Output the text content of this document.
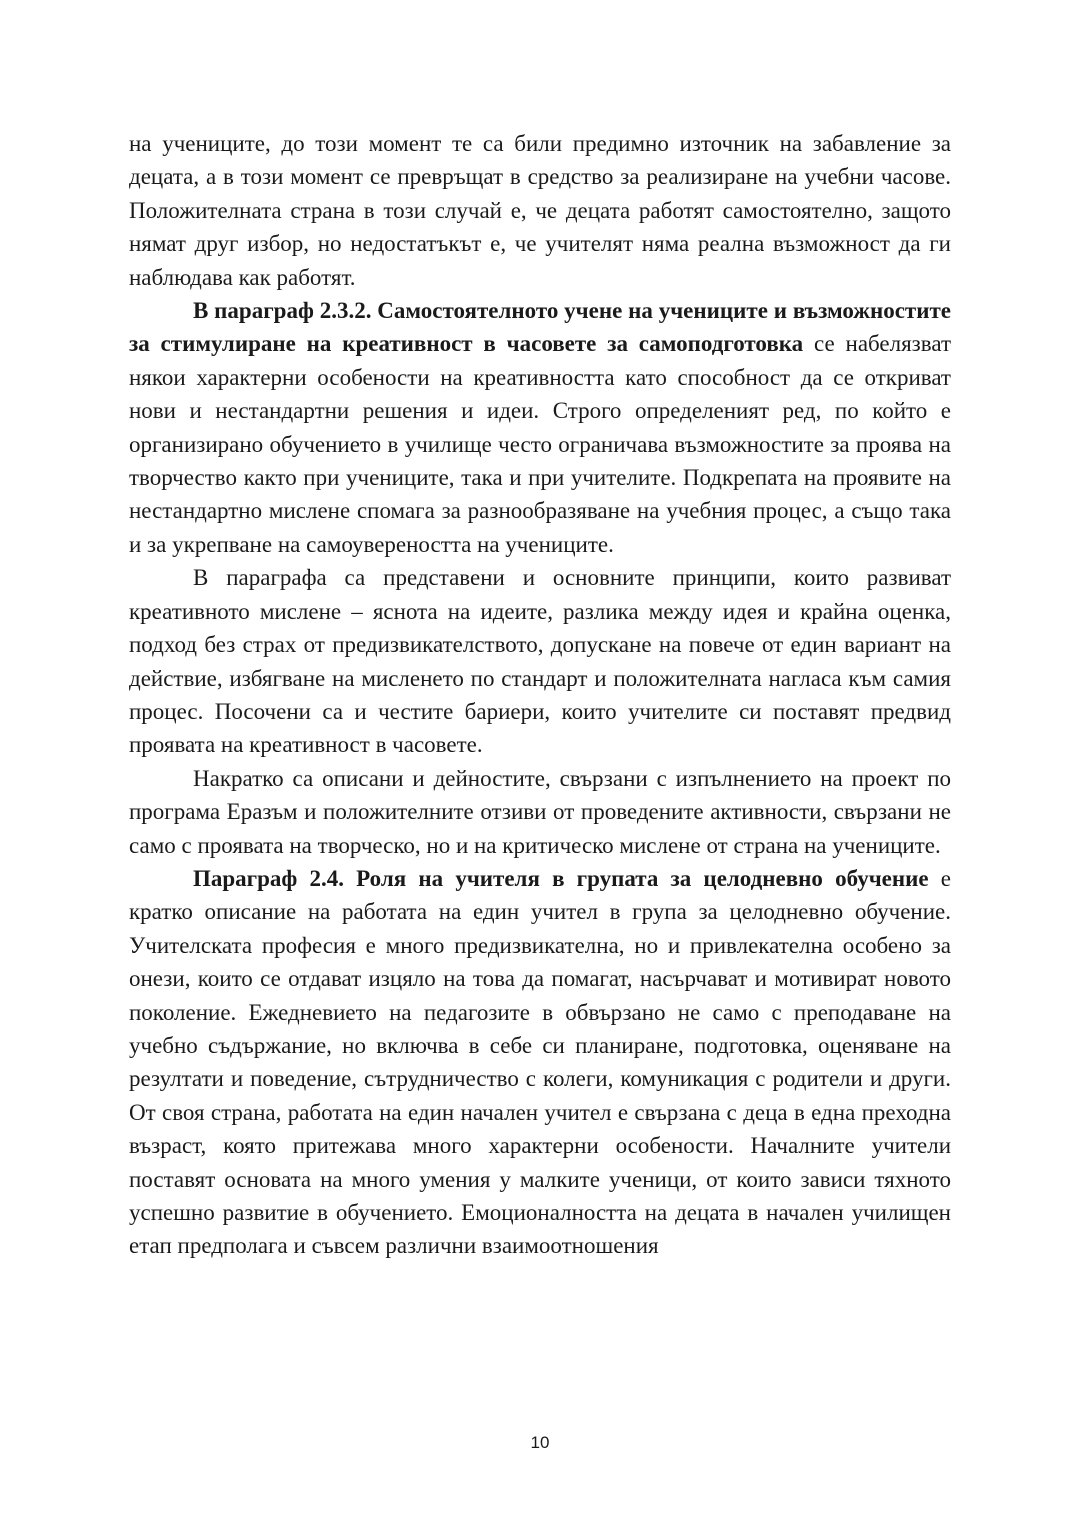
на учениците, до този момент те са били предимно източник на забавление за децата, а в този момент се превръщат в средство за реализиране на учебни часове. Положителната страна в този случай е, че децата работят самостоятелно, защото нямат друг избор, но недостатъкът е, че учителят няма реална възможност да ги наблюдава как работят.

В параграф 2.3.2. Самостоятелното учене на учениците и възможностите за стимулиране на креативност в часовете за самоподготовка се набелязват някои характерни особености на креативността като способност да се откриват нови и нестандартни решения и идеи. Строго определеният ред, по който е организирано обучението в училище често ограничава възможностите за проява на творчество както при учениците, така и при учителите. Подкрепата на проявите на нестандартно мислене спомага за разнообразяване на учебния процес, а също така и за укрепване на самоувереността на учениците.

В параграфа са представени и основните принципи, които развиват креативното мислене – яснота на идеите, разлика между идея и крайна оценка, подход без страх от предизвикателството, допускане на повече от един вариант на действие, избягване на мисленето по стандарт и положителната нагласа към самия процес. Посочени са и честите бариери, които учителите си поставят предвид проявата на креативност в часовете.

Накратко са описани и дейностите, свързани с изпълнението на проект по програма Еразъм и положителните отзиви от проведените активности, свързани не само с проявата на творческо, но и на критическо мислене от страна на учениците.

Параграф 2.4. Роля на учителя в групата за целодневно обучение е кратко описание на работата на един учител в група за целодневно обучение. Учителската професия е много предизвикателна, но и привлекателна особено за онези, които се отдават изцяло на това да помагат, насърчават и мотивират новото поколение. Ежедневието на педагозите в обвързано не само с преподаване на учебно съдържание, но включва в себе си планиране, подготовка, оценяване на резултати и поведение, сътрудничество с колеги, комуникация с родители и други. От своя страна, работата на един начален учител е свързана с деца в една преходна възраст, която притежава много характерни особености. Началните учители поставят основата на много умения у малките ученици, от които зависи тяхното успешно развитие в обучението. Емоционалността на децата в начален училищен етап предполага и съвсем различни взаимоотношения

10
